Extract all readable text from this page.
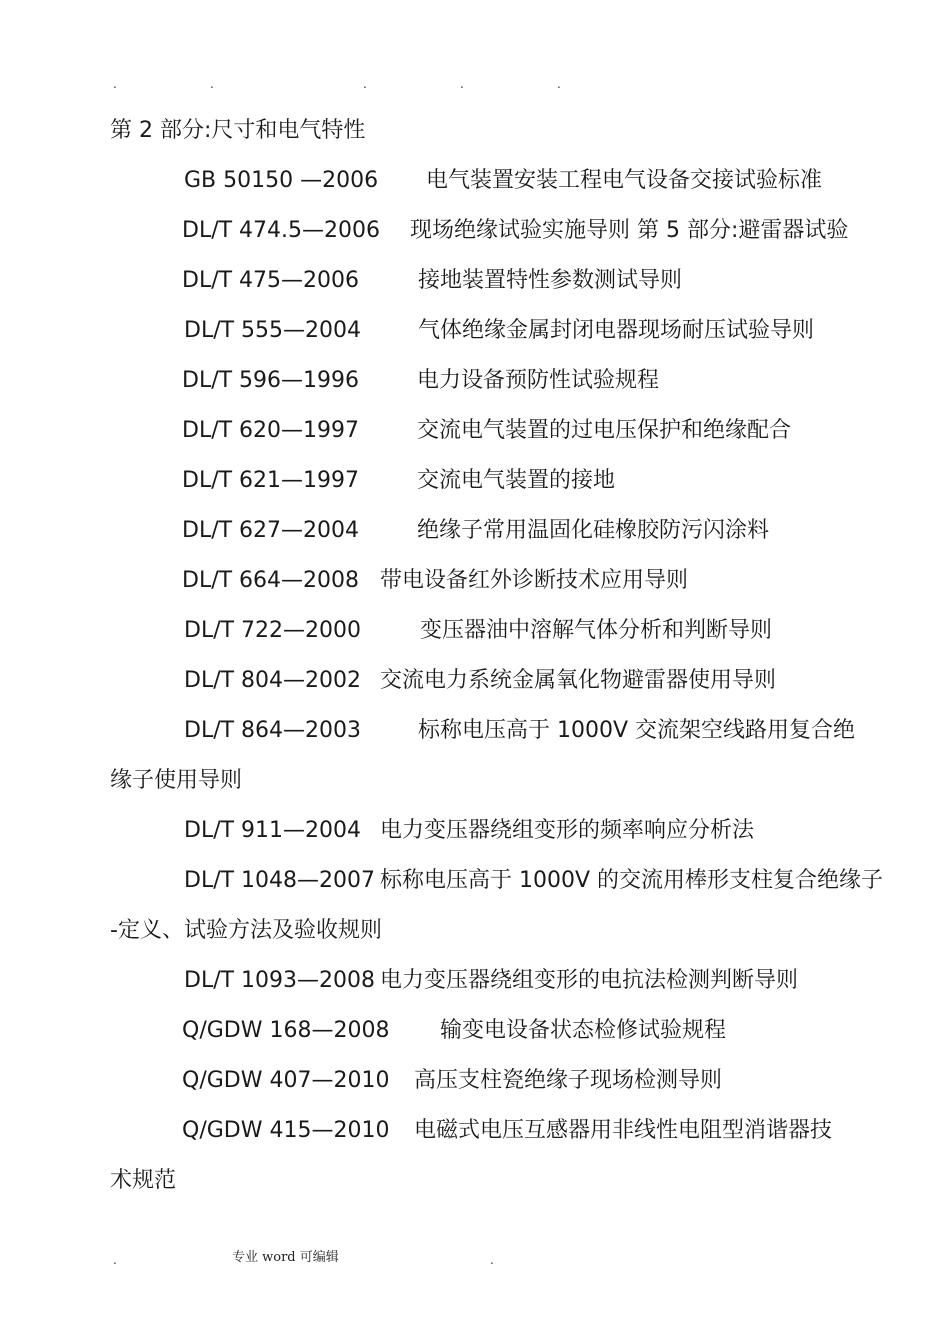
.	.	.	.	.
第 2 部分:尺寸和电气特性
GB 50150 —2006 电气装置安装工程电气设备交接试验标准
DL/T 474.5—2006 现场绝缘试验实施导则 第 5 部分:避雷器试验
DL/T 475—2006	接地装置特性参数测试导则
DL/T 555—2004	气体绝缘金属封闭电器现场耐压试验导则
DL/T 596—1996	电力设备预防性试验规程
DL/T 620—1997	交流电气装置的过电压保护和绝缘配合
DL/T 621—1997	交流电气装置的接地
DL/T 627—2004	绝缘子常用温固化硅橡胶防污闪涂料
DL/T 664—2008 带电设备红外诊断技术应用导则
DL/T 722—2000	变压器油中溶解气体分析和判断导则
DL/T 804—2002 交流电力系统金属氧化物避雷器使用导则
DL/T 864—2003	标称电压高于 1000V 交流架空线路用复合绝
缘子使用导则
DL/T 911—2004 电力变压器绕组变形的频率响应分析法
DL/T 1048—2007 标称电压高于 1000V 的交流用棒形支柱复合绝缘子
-定义、试验方法及验收规则
DL/T 1093—2008 电力变压器绕组变形的电抗法检测判断导则
Q/GDW 168—2008 输变电设备状态检修试验规程
Q/GDW 407—2010 高压支柱瓷绝缘子现场检测导则
Q/GDW 415—2010 电磁式电压互感器用非线性电阻型消谐器技
术规范
.	专业 word 可编辑	.
